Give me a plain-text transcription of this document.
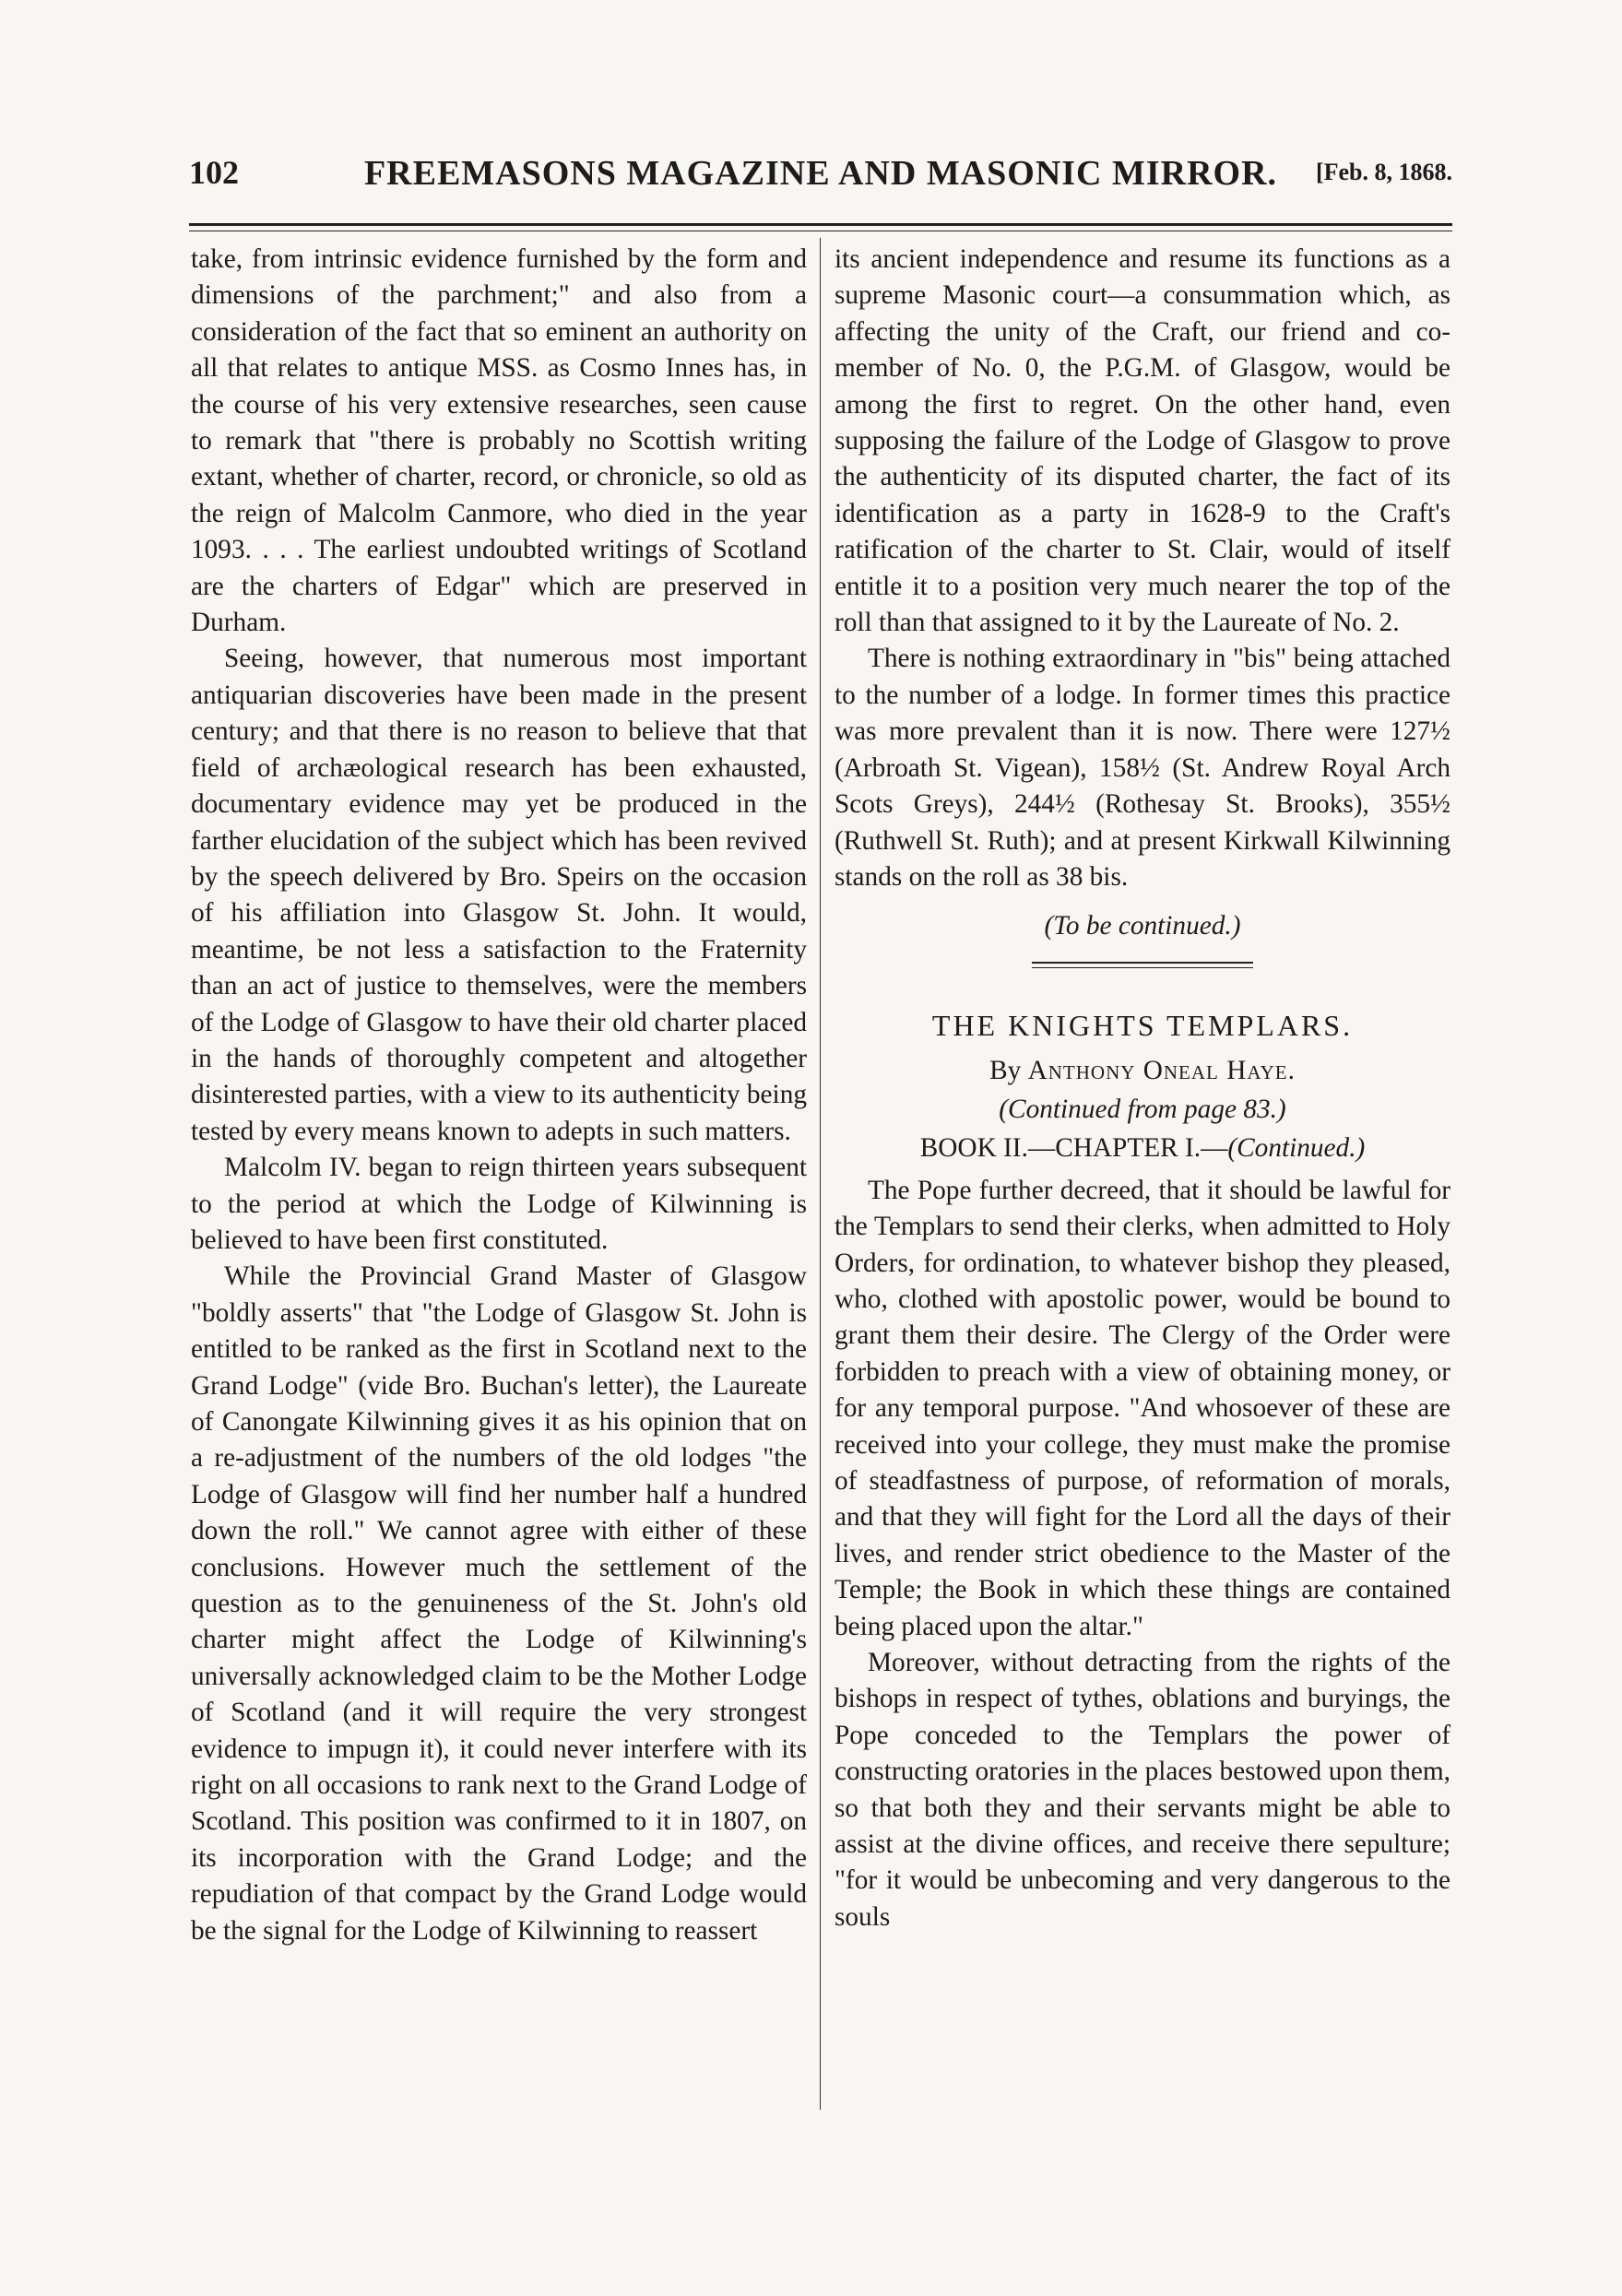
102	FREEMASONS MAGAZINE AND MASONIC MIRROR.	[Feb. 8, 1868.

take, from intrinsic evidence furnished by the form and dimensions of the parchment;" and also from a consideration of the fact that so eminent an authority on all that relates to antique MSS. as Cosmo Innes has, in the course of his very extensive researches, seen cause to remark that "there is probably no Scottish writing extant, whether of charter, record, or chronicle, so old as the reign of Malcolm Canmore, who died in the year 1093. . . . The earliest undoubted writings of Scotland are the charters of Edgar" which are preserved in Durham.

Seeing, however, that numerous most important antiquarian discoveries have been made in the present century; and that there is no reason to believe that that field of archæological research has been exhausted, documentary evidence may yet be produced in the farther elucidation of the subject which has been revived by the speech delivered by Bro. Speirs on the occasion of his affiliation into Glasgow St. John. It would, meantime, be not less a satisfaction to the Fraternity than an act of justice to themselves, were the members of the Lodge of Glasgow to have their old charter placed in the hands of thoroughly competent and altogether disinterested parties, with a view to its authenticity being tested by every means known to adepts in such matters.

Malcolm IV. began to reign thirteen years subsequent to the period at which the Lodge of Kilwinning is believed to have been first constituted.

While the Provincial Grand Master of Glasgow "boldly asserts" that "the Lodge of Glasgow St. John is entitled to be ranked as the first in Scotland next to the Grand Lodge" (vide Bro. Buchan's letter), the Laureate of Canongate Kilwinning gives it as his opinion that on a re-adjustment of the numbers of the old lodges "the Lodge of Glasgow will find her number half a hundred down the roll." We cannot agree with either of these conclusions. However much the settlement of the question as to the genuineness of the St. John's old charter might affect the Lodge of Kilwinning's universally acknowledged claim to be the Mother Lodge of Scotland (and it will require the very strongest evidence to impugn it), it could never interfere with its right on all occasions to rank next to the Grand Lodge of Scotland. This position was confirmed to it in 1807, on its incorporation with the Grand Lodge; and the repudiation of that compact by the Grand Lodge would be the signal for the Lodge of Kilwinning to reassert

its ancient independence and resume its functions as a supreme Masonic court—a consummation which, as affecting the unity of the Craft, our friend and co-member of No. 0, the P.G.M. of Glasgow, would be among the first to regret. On the other hand, even supposing the failure of the Lodge of Glasgow to prove the authenticity of its disputed charter, the fact of its identification as a party in 1628-9 to the Craft's ratification of the charter to St. Clair, would of itself entitle it to a position very much nearer the top of the roll than that assigned to it by the Laureate of No. 2.

There is nothing extraordinary in "bis" being attached to the number of a lodge. In former times this practice was more prevalent than it is now. There were 127½ (Arbroath St. Vigean), 158½ (St. Andrew Royal Arch Scots Greys), 244½ (Rothesay St. Brooks), 355½ (Ruthwell St. Ruth); and at present Kirkwall Kilwinning stands on the roll as 38 bis.

(To be continued.)
THE KNIGHTS TEMPLARS.
By Anthony Oneal Haye.
(Continued from page 83.)
BOOK II.—CHAPTER I.—(Continued.)

The Pope further decreed, that it should be lawful for the Templars to send their clerks, when admitted to Holy Orders, for ordination, to whatever bishop they pleased, who, clothed with apostolic power, would be bound to grant them their desire. The Clergy of the Order were forbidden to preach with a view of obtaining money, or for any temporal purpose. "And whosoever of these are received into your college, they must make the promise of steadfastness of purpose, of reformation of morals, and that they will fight for the Lord all the days of their lives, and render strict obedience to the Master of the Temple; the Book in which these things are contained being placed upon the altar."

Moreover, without detracting from the rights of the bishops in respect of tythes, oblations and buryings, the Pope conceded to the Templars the power of constructing oratories in the places bestowed upon them, so that both they and their servants might be able to assist at the divine offices, and receive there sepulture; "for it would be unbecoming and very dangerous to the souls
